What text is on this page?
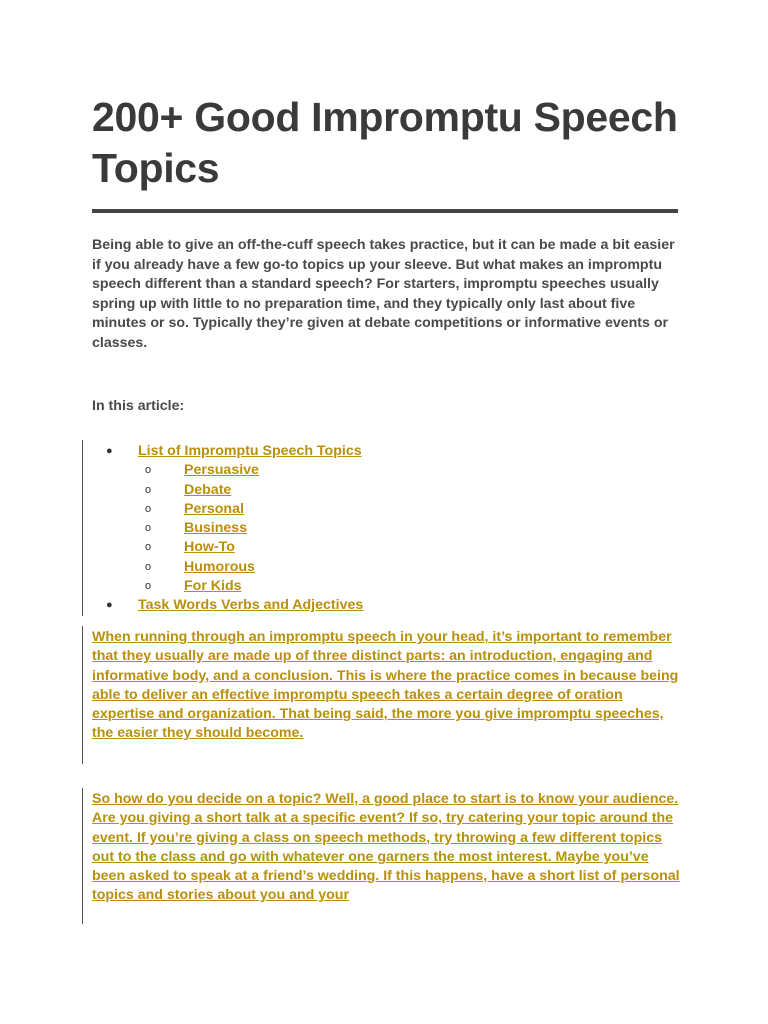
200+ Good Impromptu Speech Topics

Being able to give an off-the-cuff speech takes practice, but it can be made a bit easier if you already have a few go-to topics up your sleeve. But what makes an impromptu speech different than a standard speech? For starters, impromptu speeches usually spring up with little to no preparation time, and they typically only last about five minutes or so. Typically they’re given at debate competitions or informative events or classes.

In this article:

● List of Impromptu Speech Topics
o Persuasive
o Debate
o Personal
o Business
o How-To
o Humorous
o For Kids
● Task Words Verbs and Adjectives

When running through an impromptu speech in your head, it’s important to remember that they usually are made up of three distinct parts: an introduction, engaging and informative body, and a conclusion. This is where the practice comes in because being able to deliver an effective impromptu speech takes a certain degree of oration expertise and organization. That being said, the more you give impromptu speeches, the easier they should become.

So how do you decide on a topic? Well, a good place to start is to know your audience. Are you giving a short talk at a specific event? If so, try catering your topic around the event. If you’re giving a class on speech methods, try throwing a few different topics out to the class and go with whatever one garners the most interest. Maybe you’ve been asked to speak at a friend’s wedding. If this happens, have a short list of personal topics and stories about you and your
